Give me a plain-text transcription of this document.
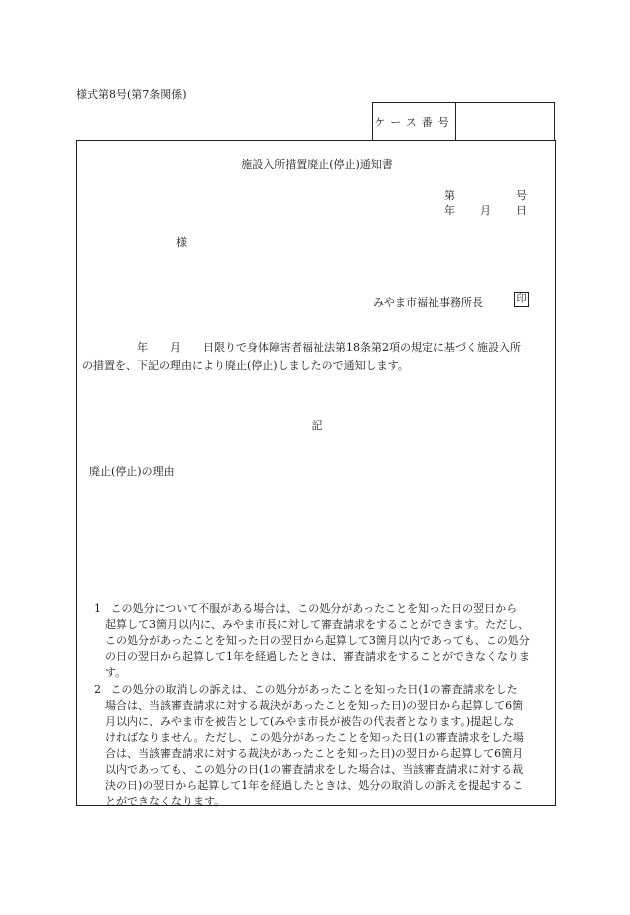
様式第8号(第7条関係)
ケース番号
施設入所措置廃止(停止)通知書
第	号
年 月 日
様
みやま市福祉事務所長	印
　　　　　年　　月　　日限りで身体障害者福祉法第18条第2項の規定に基づく施設入所
の措置を、下記の理由により廃止(停止)しましたので通知します。
記
廃止(停止)の理由
1 この処分について不服がある場合は、この処分があったことを知った日の翌日から
起算して3箇月以内に、みやま市長に対して審査請求をすることができます。ただし、
この処分があったことを知った日の翌日から起算して3箇月以内であっても、この処分
の日の翌日から起算して1年を経過したときは、審査請求をすることができなくなりま
す。
2 この処分の取消しの訴えは、この処分があったことを知った日(1の審査請求をした
場合は、当該審査請求に対する裁決があったことを知った日)の翌日から起算して6箇
月以内に、みやま市を被告として(みやま市長が被告の代表者となります。)提起しな
ければなりません。ただし、この処分があったことを知った日(1の審査請求をした場
合は、当該審査請求に対する裁決があったことを知った日)の翌日から起算して6箇月
以内であっても、この処分の日(1の審査請求をした場合は、当該審査請求に対する裁
決の日)の翌日から起算して1年を経過したときは、処分の取消しの訴えを提起するこ
とができなくなります。
